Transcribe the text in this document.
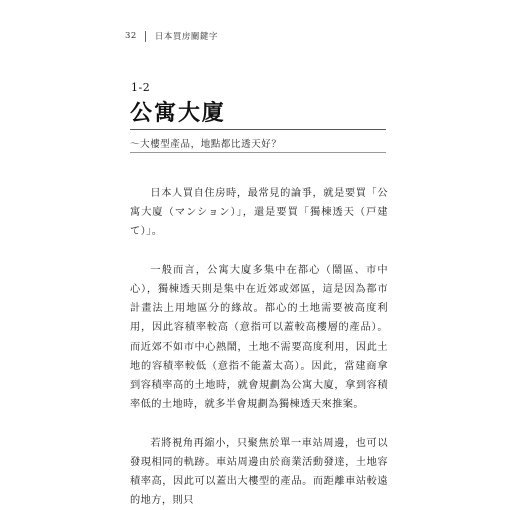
32 日本買房關鍵字
1-2
公寓大廈
～大樓型產品，地點都比透天好？

日本人買自住房時，最常見的論爭，就是要買「公寓大廈（マンション）」，還是要買「獨棟透天（戸建て）」。

一般而言，公寓大廈多集中在都心（鬧區、市中心），獨棟透天則是集中在近郊或郊區，這是因為都市計畫法上用地區分的緣故。都心的土地需要被高度利用，因此容積率較高（意指可以蓋較高樓層的產品）。而近郊不如市中心熱鬧，土地不需要高度利用，因此土地的容積率較低（意指不能蓋太高）。因此，當建商拿到容積率高的土地時，就會規劃為公寓大廈，拿到容積率低的土地時，就多半會規劃為獨棟透天來推案。

若將視角再縮小，只聚焦於單一車站周邊，也可以發現相同的軌跡。車站周邊由於商業活動發達，土地容積率高，因此可以蓋出大樓型的產品。而距離車站較遠的地方，則只
